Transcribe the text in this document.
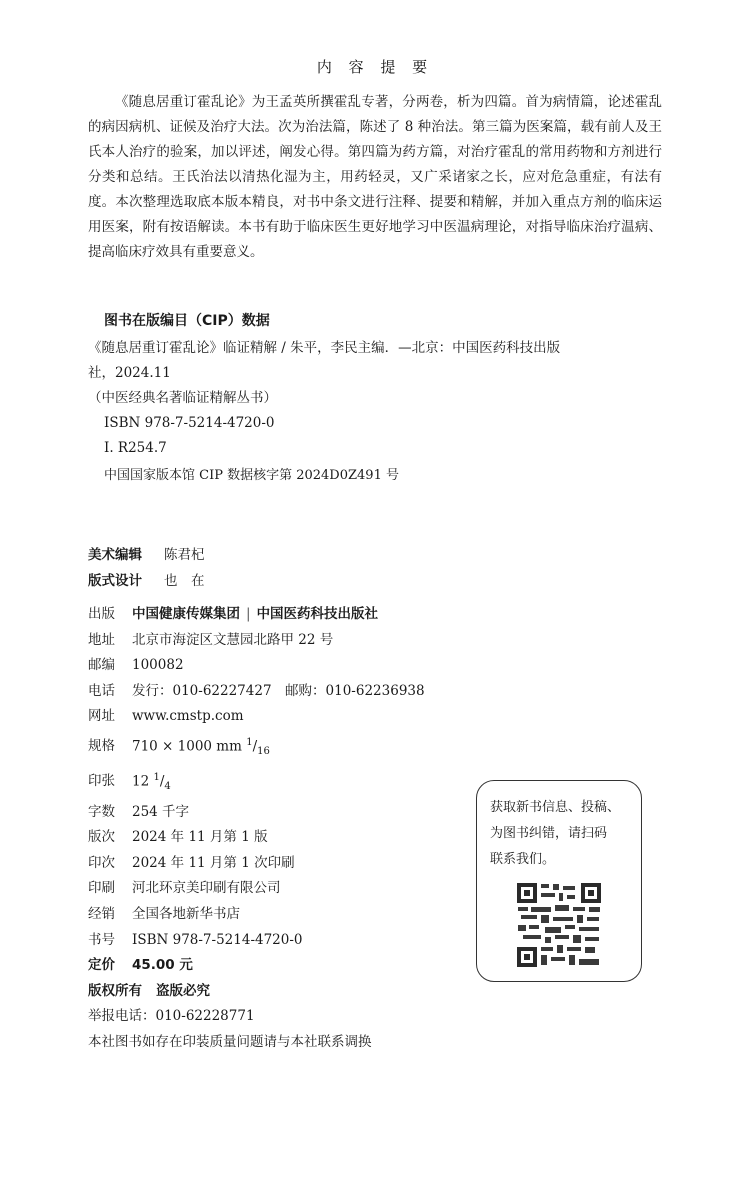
内 容 提 要

《随息居重订霍乱论》为王孟英所撰霍乱专著，分两卷，析为四篇。首为病情篇，论述霍乱的病因病机、证候及治疗大法。次为治法篇，陈述了 8 种治法。第三篇为医案篇，载有前人及王氏本人治疗的验案，加以评述，阐发心得。第四篇为药方篇，对治疗霍乱的常用药物和方剂进行分类和总结。王氏治法以清热化湿为主，用药轻灵，又广采诸家之长，应对危急重症，有法有度。本次整理选取底本版本精良，对书中条文进行注释、提要和精解，并加入重点方剂的临床运用医案，附有按语解读。本书有助于临床医生更好地学习中医温病理论，对指导临床治疗温病、提高临床疗效具有重要意义。

图书在版编目（CIP）数据
《随息居重订霍乱论》临证精解 / 朱平，李民主编．—北京：中国医药科技出版
社，2024.11
（中医经典名著临证精解丛书）
ISBN 978-7-5214-4720-0
Ⅰ. R254.7
中国国家版本馆 CIP 数据核字第 2024D0Z491 号
美术编辑 陈君杞
版式设计 也　在
出版 中国健康传媒集团 | 中国医药科技出版社
地址 北京市海淀区文慧园北路甲 22 号
邮编 100082
电话 发行：010-62227427　邮购：010-62236938
网址 www.cmstp.com
规格 710 × 1000 mm $^1/_{16}$
印张 12 $^1/_4$
字数 254 千字
版次 2024 年 11 月第 1 版
印次 2024 年 11 月第 1 次印刷
印刷 河北环京美印刷有限公司
经销 全国各地新华书店
书号 ISBN 978-7-5214-4720-0
定价 45.00 元
版权所有 盗版必究
举报电话：010-62228771
本社图书如存在印装质量问题请与本社联系调换
获取新书信息、投稿、
为图书纠错，请扫码
联系我们。
